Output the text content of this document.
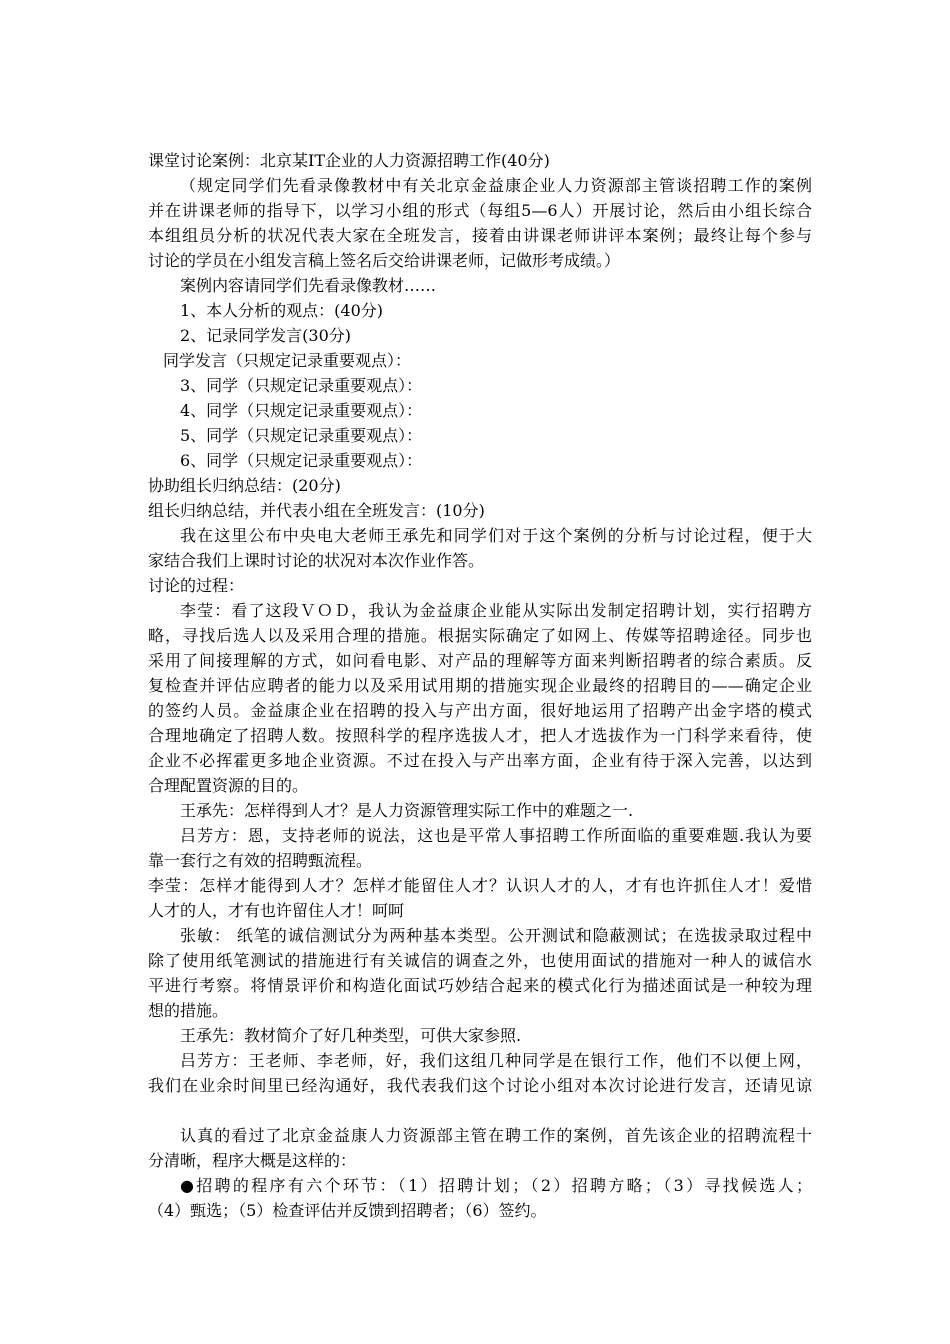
课堂讨论案例：北京某IT企业的人力资源招聘工作(40分)
（规定同学们先看录像教材中有关北京金益康企业人力资源部主管谈招聘工作的案例
并在讲课老师的指导下，以学习小组的形式（每组5—6人）开展讨论，然后由小组长综合
本组组员分析的状况代表大家在全班发言，接着由讲课老师讲评本案例；最终让每个参与
讨论的学员在小组发言稿上签名后交给讲课老师，记做形考成绩。）
案例内容请同学们先看录像教材……
1、本人分析的观点：(40分)
2、记录同学发言(30分)
同学发言（只规定记录重要观点）：
3、同学（只规定记录重要观点）：
4、同学（只规定记录重要观点）：
5、同学（只规定记录重要观点）：
6、同学（只规定记录重要观点）：
协助组长归纳总结：(20分)
组长归纳总结，并代表小组在全班发言：(10分)
我在这里公布中央电大老师王承先和同学们对于这个案例的分析与讨论过程，便于大
家结合我们上课时讨论的状况对本次作业作答。
讨论的过程：
李莹：看了这段ＶＯＤ，我认为金益康企业能从实际出发制定招聘计划，实行招聘方
略，寻找后选人以及采用合理的措施。根据实际确定了如网上、传媒等招聘途径。同步也
采用了间接理解的方式，如问看电影、对产品的理解等方面来判断招聘者的综合素质。反
复检查并评估应聘者的能力以及采用试用期的措施实现企业最终的招聘目的——确定企业
的签约人员。金益康企业在招聘的投入与产出方面，很好地运用了招聘产出金字塔的模式
合理地确定了招聘人数。按照科学的程序选拔人才，把人才选拔作为一门科学来看待，使
企业不必挥霍更多地企业资源。不过在投入与产出率方面，企业有待于深入完善，以达到
合理配置资源的目的。
王承先：怎样得到人才？是人力资源管理实际工作中的难题之一.
吕芳方：恩，支持老师的说法，这也是平常人事招聘工作所面临的重要难题.我认为要
靠一套行之有效的招聘甄流程。
李莹：怎样才能得到人才？怎样才能留住人才？认识人才的人，才有也许抓住人才！爱惜
人才的人，才有也许留住人才！呵呵
张敏： 纸笔的诚信测试分为两种基本类型。公开测试和隐蔽测试；在选拔录取过程中
除了使用纸笔测试的措施进行有关诚信的调查之外，也使用面试的措施对一种人的诚信水
平进行考察。将情景评价和构造化面试巧妙结合起来的模式化行为描述面试是一种较为理
想的措施。
王承先：教材简介了好几种类型，可供大家参照.
吕芳方：王老师、李老师，好，我们这组几种同学是在银行工作，他们不以便上网，
我们在业余时间里已经沟通好，我代表我们这个讨论小组对本次讨论进行发言，还请见谅
认真的看过了北京金益康人力资源部主管在聘工作的案例，首先该企业的招聘流程十
分清晰，程序大概是这样的：
●招聘的程序有六个环节：（1）招聘计划；（2）招聘方略；（3）寻找候选人；
（4）甄选；（5）检查评估并反馈到招聘者；（6）签约。
